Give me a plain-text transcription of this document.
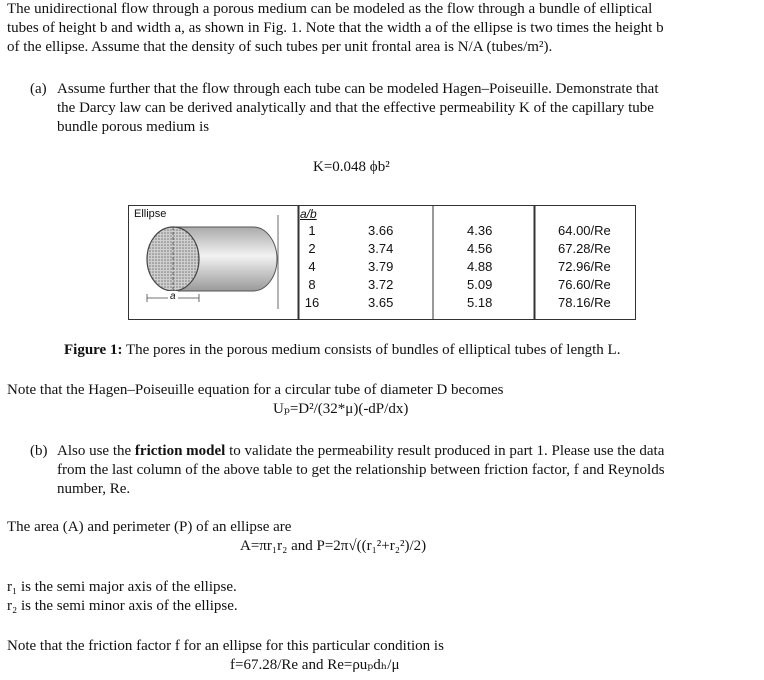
The unidirectional flow through a porous medium can be modeled as the flow through a bundle of elliptical
tubes of height b and width a, as shown in Fig. 1. Note that the width a of the ellipse is two times the height b
of the ellipse. Assume that the density of such tubes per unit frontal area is N/A (tubes/m²).
(a) Assume further that the flow through each tube can be modeled Hagen–Poiseuille. Demonstrate that
the Darcy law can be derived analytically and that the effective permeability K of the capillary tube
bundle porous medium is
K=0.048 ϕb²
Ellipse
a
a/b
1
2
4
8
16
3.66
3.74
3.79
3.72
3.65
4.36
4.56
4.88
5.09
5.18
64.00/Re
67.28/Re
72.96/Re
76.60/Re
78.16/Re
Figure 1: The pores in the porous medium consists of bundles of elliptical tubes of length L.
Note that the Hagen–Poiseuille equation for a circular tube of diameter D becomes
Uₚ=D²/(32*μ)(-dP/dx)
(b) Also use the friction model to validate the permeability result produced in part 1. Please use the data
from the last column of the above table to get the relationship between friction factor, f and Reynolds
number, Re.
The area (A) and perimeter (P) of an ellipse are
A=πr₁r₂ and P=2π√((r₁²+r₂²)/2)
r₁ is the semi major axis of the ellipse.
r₂ is the semi minor axis of the ellipse.
Note that the friction factor f for an ellipse for this particular condition is
f=67.28/Re and Re=ρuₚdₕ/μ
